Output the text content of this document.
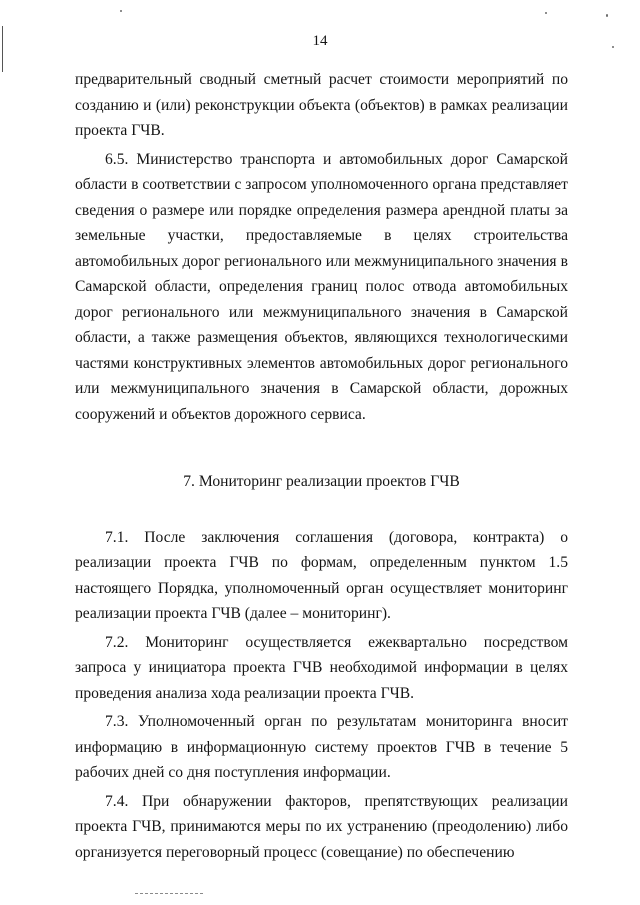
14

предварительный сводный сметный расчет стоимости мероприятий по созданию и (или) реконструкции объекта (объектов) в рамках реализации проекта ГЧВ.

6.5. Министерство транспорта и автомобильных дорог Самарской области в соответствии с запросом уполномоченного органа представляет сведения о размере или порядке определения размера арендной платы за земельные участки, предоставляемые в целях строительства автомобильных дорог регионального или межмуниципального значения в Самарской области, определения границ полос отвода автомобильных дорог регионального или межмуниципального значения в Самарской области, а также размещения объектов, являющихся технологическими частями конструктивных элементов автомобильных дорог регионального или межмуниципального значения в Самарской области, дорожных сооружений и объектов дорожного сервиса.

7. Мониторинг реализации проектов ГЧВ

7.1. После заключения соглашения (договора, контракта) о реализации проекта ГЧВ по формам, определенным пунктом 1.5 настоящего Порядка, уполномоченный орган осуществляет мониторинг реализации проекта ГЧВ (далее – мониторинг).

7.2. Мониторинг осуществляется ежеквартально посредством запроса у инициатора проекта ГЧВ необходимой информации в целях проведения анализа хода реализации проекта ГЧВ.

7.3. Уполномоченный орган по результатам мониторинга вносит информацию в информационную систему проектов ГЧВ в течение 5 рабочих дней со дня поступления информации.

7.4. При обнаружении факторов, препятствующих реализации проекта ГЧВ, принимаются меры по их устранению (преодолению) либо организуется переговорный процесс (совещание) по обеспечению
